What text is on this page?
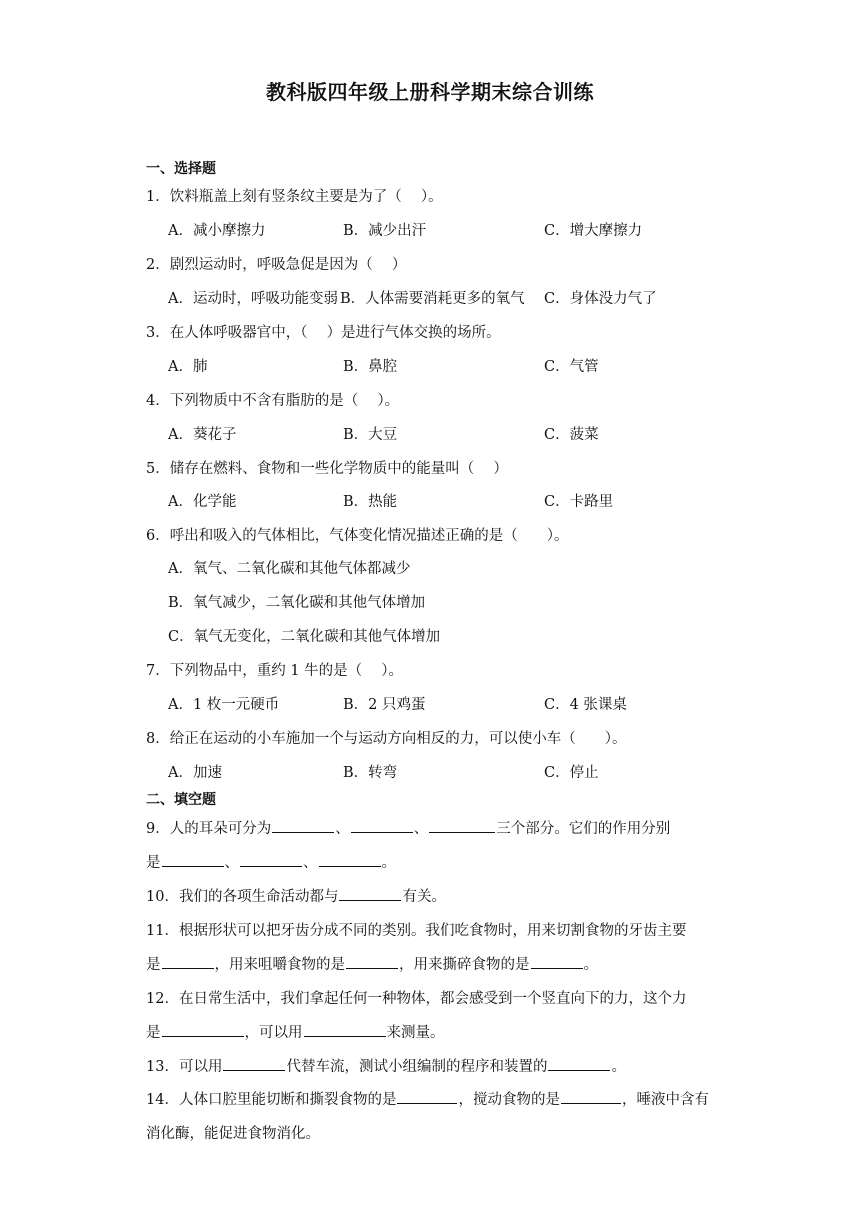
教科版四年级上册科学期末综合训练
一、选择题
1．饮料瓶盖上刻有竖条纹主要是为了（　 ）。
A．减小摩擦力	B．减少出汗	C．增大摩擦力
2．剧烈运动时，呼吸急促是因为（　 ）
A．运动时，呼吸功能变弱 B．人体需要消耗更多的氧气 C．身体没力气了
3．在人体呼吸器官中，（　 ）是进行气体交换的场所。
A．肺	B．鼻腔	C．气管
4．下列物质中不含有脂肪的是（　 ）。
A．葵花子	B．大豆	C．菠菜
5．储存在燃料、食物和一些化学物质中的能量叫（　 ）
A．化学能	B．热能	C．卡路里
6．呼出和吸入的气体相比，气体变化情况描述正确的是（　　）。
A．氧气、二氧化碳和其他气体都减少
B．氧气减少，二氧化碳和其他气体增加
C．氧气无变化，二氧化碳和其他气体增加
7．下列物品中，重约 1 牛的是（　 ）。
A．1 枚一元硬币	B．2 只鸡蛋	C．4 张课桌
8．给正在运动的小车施加一个与运动方向相反的力，可以使小车（　　）。
A．加速	B．转弯	C．停止
二、填空题
9．人的耳朵可分为	、	、	三个部分。它们的作用分别
是	、	、	。
10．我们的各项生命活动都与	有关。
11．根据形状可以把牙齿分成不同的类别。我们吃食物时，用来切割食物的牙齿主要
是	，用来咀嚼食物的是	，用来撕碎食物的是	。
12．在日常生活中，我们拿起任何一种物体，都会感受到一个竖直向下的力，这个力
是	，可以用	来测量。
13．可以用	代替车流，测试小组编制的程序和装置的	。
14．人体口腔里能切断和撕裂食物的是	，搅动食物的是	，唾液中含有
消化酶，能促进食物消化。
